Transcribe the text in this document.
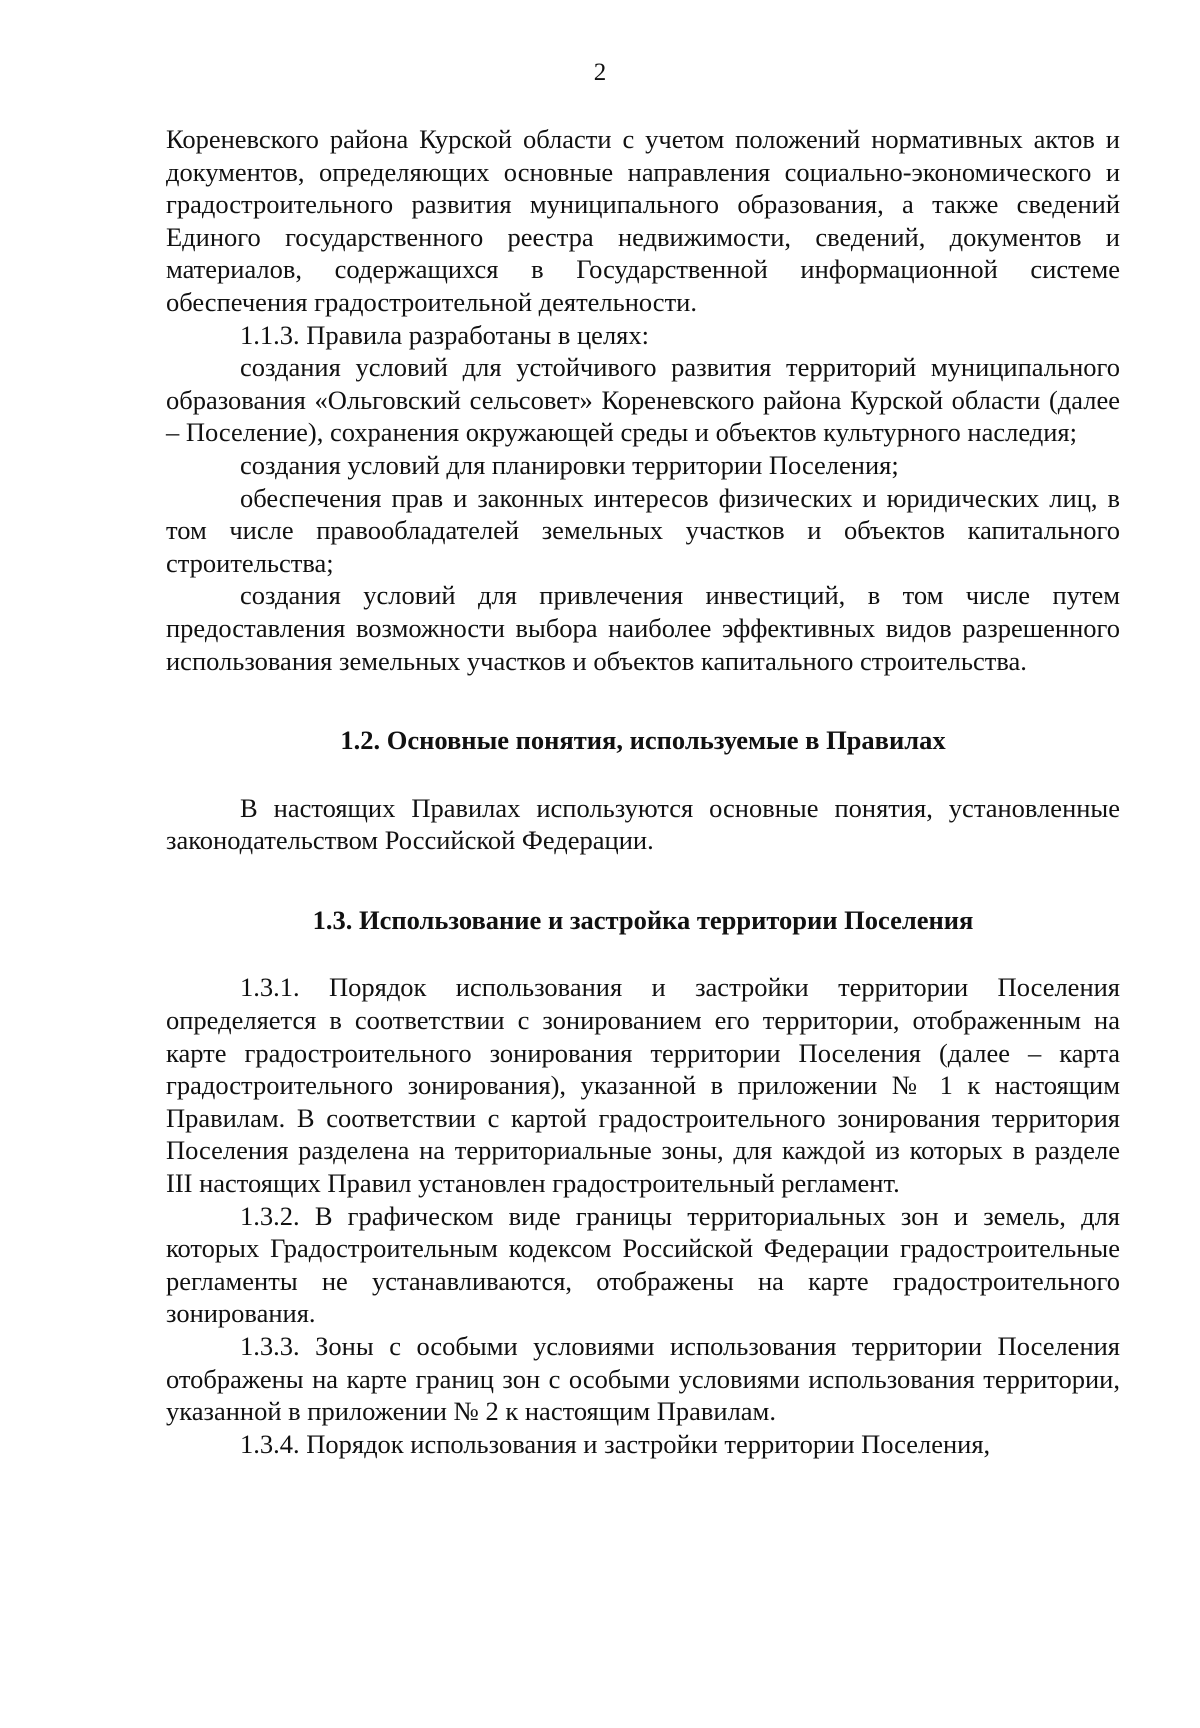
2

Кореневского района Курской области с учетом положений нормативных актов и документов, определяющих основные направления социально-экономического и градостроительного развития муниципального образования, а также сведений Единого государственного реестра недвижимости, сведений, документов и материалов, содержащихся в Государственной информационной системе обеспечения градостроительной деятельности.

1.1.3. Правила разработаны в целях:

создания условий для устойчивого развития территорий муниципального образования «Ольговский сельсовет» Кореневского района Курской области (далее – Поселение), сохранения окружающей среды и объектов культурного наследия;

создания условий для планировки территории Поселения;

обеспечения прав и законных интересов физических и юридических лиц, в том числе правообладателей земельных участков и объектов капитального строительства;

создания условий для привлечения инвестиций, в том числе путем предоставления возможности выбора наиболее эффективных видов разрешенного использования земельных участков и объектов капитального строительства.

1.2. Основные понятия, используемые в Правилах

В настоящих Правилах используются основные понятия, установленные законодательством Российской Федерации.

1.3. Использование и застройка территории Поселения

1.3.1. Порядок использования и застройки территории Поселения определяется в соответствии с зонированием его территории, отображенным на карте градостроительного зонирования территории Поселения (далее – карта градостроительного зонирования), указанной в приложении № 1 к настоящим Правилам. В соответствии с картой градостроительного зонирования территория Поселения разделена на территориальные зоны, для каждой из которых в разделе III настоящих Правил установлен градостроительный регламент.

1.3.2. В графическом виде границы территориальных зон и земель, для которых Градостроительным кодексом Российской Федерации градостроительные регламенты не устанавливаются, отображены на карте градостроительного зонирования.

1.3.3. Зоны с особыми условиями использования территории Поселения отображены на карте границ зон с особыми условиями использования территории, указанной в приложении № 2 к настоящим Правилам.

1.3.4. Порядок использования и застройки территории Поселения,
